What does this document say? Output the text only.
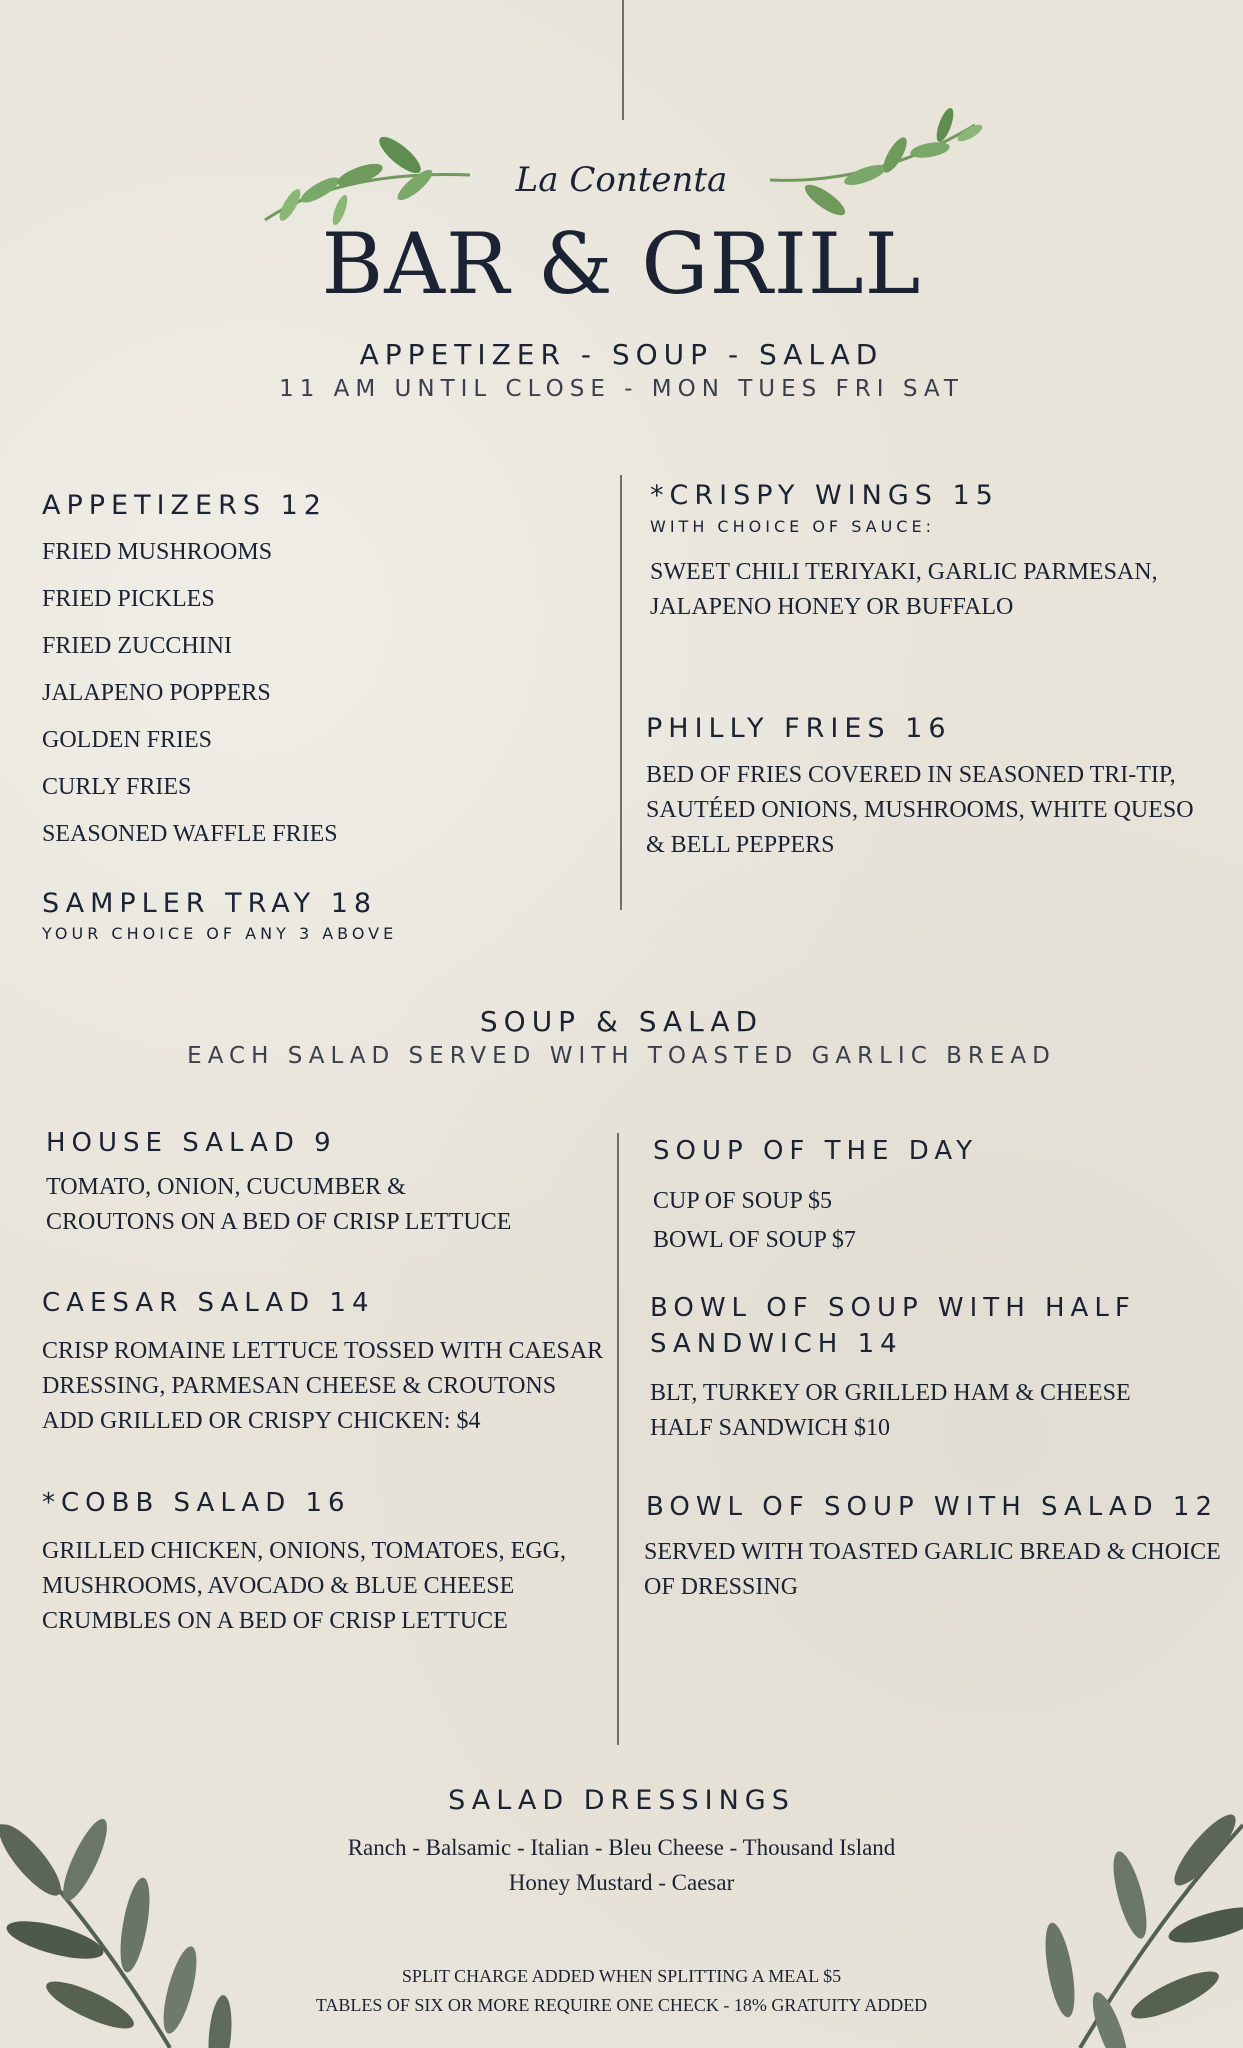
La Contenta
BAR & GRILL
APPETIZER - SOUP - SALAD
11 AM UNTIL CLOSE - MON TUES FRI SAT
APPETIZERS 12
FRIED MUSHROOMS
FRIED PICKLES
FRIED ZUCCHINI
JALAPENO POPPERS
GOLDEN FRIES
CURLY FRIES
SEASONED WAFFLE FRIES
SAMPLER TRAY 18
YOUR CHOICE OF ANY 3 ABOVE
*CRISPY WINGS 15
WITH CHOICE OF SAUCE:
SWEET CHILI TERIYAKI, GARLIC PARMESAN,
JALAPENO HONEY OR BUFFALO
PHILLY FRIES 16
BED OF FRIES COVERED IN SEASONED TRI-TIP,
SAUTÉED ONIONS, MUSHROOMS, WHITE QUESO
& BELL PEPPERS
SOUP & SALAD
EACH SALAD SERVED WITH TOASTED GARLIC BREAD
HOUSE SALAD 9
TOMATO, ONION, CUCUMBER &
CROUTONS ON A BED OF CRISP LETTUCE
CAESAR SALAD 14
CRISP ROMAINE LETTUCE TOSSED WITH CAESAR
DRESSING, PARMESAN CHEESE & CROUTONS
ADD GRILLED OR CRISPY CHICKEN: $4
*COBB SALAD 16
GRILLED CHICKEN, ONIONS, TOMATOES, EGG,
MUSHROOMS, AVOCADO & BLUE CHEESE
CRUMBLES ON A BED OF CRISP LETTUCE
SOUP OF THE DAY
CUP OF SOUP $5
BOWL OF SOUP $7
BOWL OF SOUP WITH HALF
SANDWICH 14
BLT, TURKEY OR GRILLED HAM & CHEESE
HALF SANDWICH $10
BOWL OF SOUP WITH SALAD 12
SERVED WITH TOASTED GARLIC BREAD & CHOICE
OF DRESSING
SALAD DRESSINGS
Ranch - Balsamic - Italian - Bleu Cheese - Thousand Island
Honey Mustard - Caesar
SPLIT CHARGE ADDED WHEN SPLITTING A MEAL $5
TABLES OF SIX OR MORE REQUIRE ONE CHECK - 18% GRATUITY ADDED
